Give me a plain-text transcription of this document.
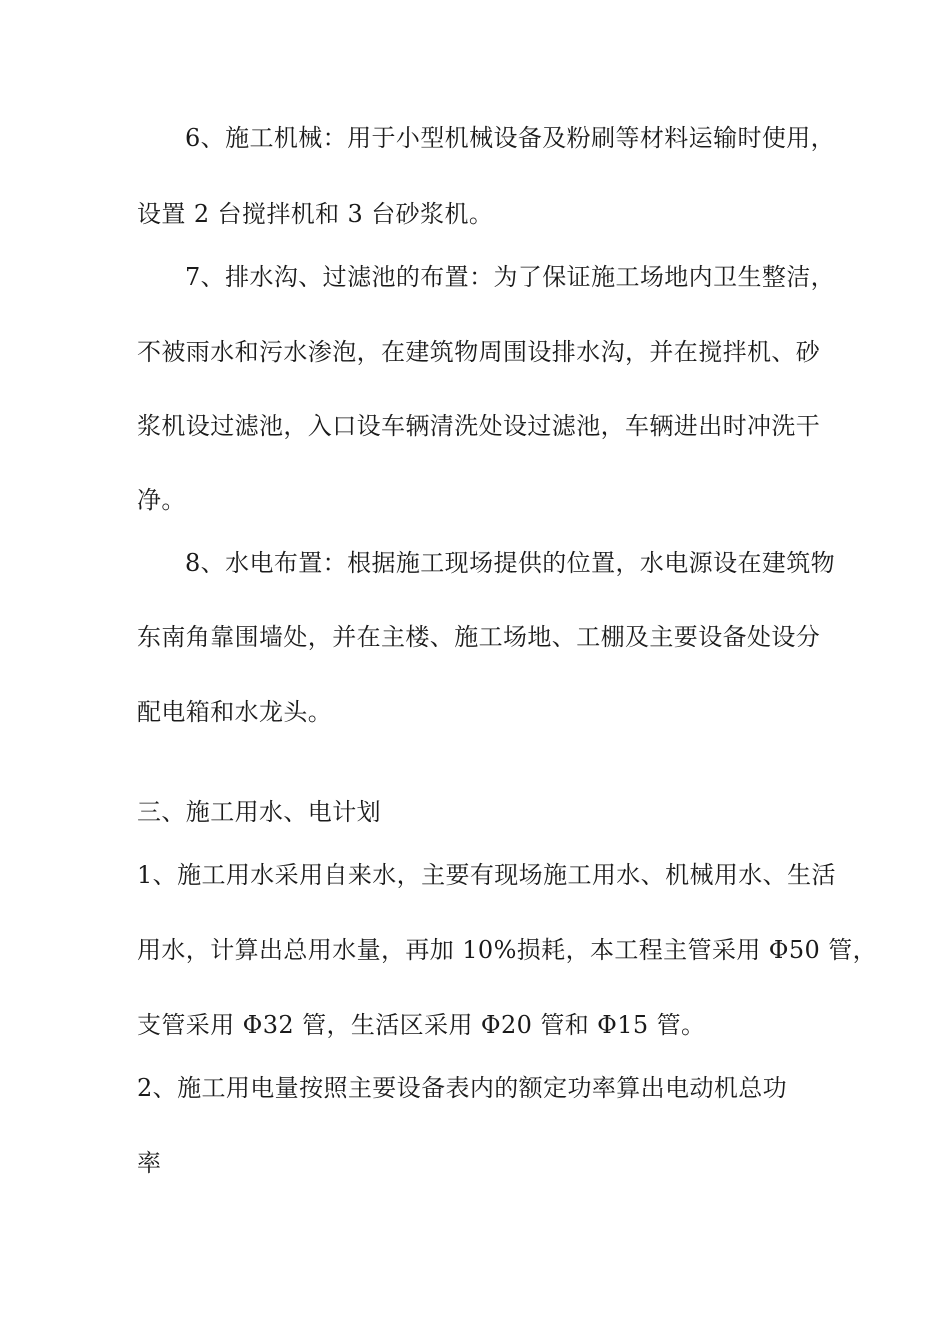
6、施工机械：用于小型机械设备及粉刷等材料运输时使用，
设置 2 台搅拌机和 3 台砂浆机。
7、排水沟、过滤池的布置：为了保证施工场地内卫生整洁，
不被雨水和污水渗泡，在建筑物周围设排水沟，并在搅拌机、砂
浆机设过滤池，入口设车辆清洗处设过滤池，车辆进出时冲洗干
净。
8、水电布置：根据施工现场提供的位置，水电源设在建筑物
东南角靠围墙处，并在主楼、施工场地、工棚及主要设备处设分
配电箱和水龙头。
三、施工用水、电计划
1、施工用水采用自来水，主要有现场施工用水、机械用水、生活
用水，计算出总用水量，再加 10%损耗，本工程主管采用 Φ50 管，
支管采用 Φ32 管，生活区采用 Φ20 管和 Φ15 管。
2、施工用电量按照主要设备表内的额定功率算出电动机总功
率
